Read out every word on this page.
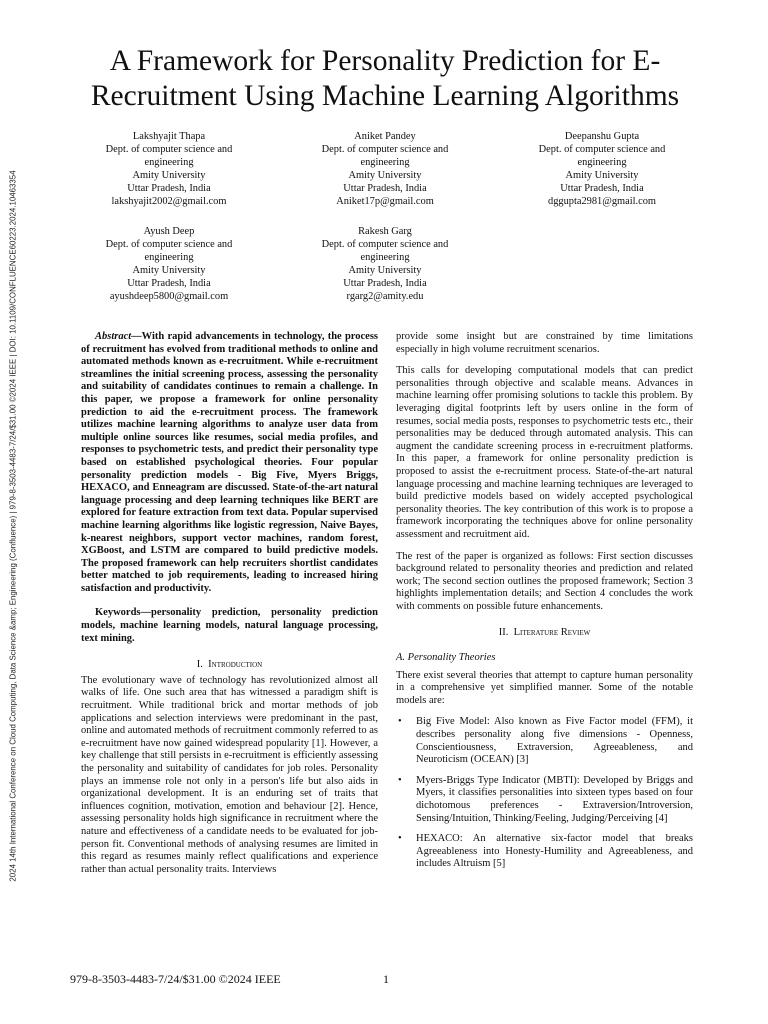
2024 14th International Conference on Cloud Computing, Data Science &amp; Engineering (Confluence) | 979-8-3503-4483-7/24/$31.00 ©2024 IEEE | DOI: 10.1109/CONFLUENCE60223.2024.10463354
A Framework for Personality Prediction for E-Recruitment Using Machine Learning Algorithms
Lakshyajit Thapa
Dept. of computer science and
engineering
Amity University
Uttar Pradesh, India
lakshyajit2002@gmail.com
Aniket Pandey
Dept. of computer science and
engineering
Amity University
Uttar Pradesh, India
Aniket17p@gmail.com
Deepanshu Gupta
Dept. of computer science and
engineering
Amity University
Uttar Pradesh, India
dggupta2981@gmail.com
Ayush Deep
Dept. of computer science and
engineering
Amity University
Uttar Pradesh, India
ayushdeep5800@gmail.com
Rakesh Garg
Dept. of computer science and
engineering
Amity University
Uttar Pradesh, India
rgarg2@amity.edu

Abstract—With rapid advancements in technology, the process of recruitment has evolved from traditional methods to online and automated methods known as e-recruitment. While e-recruitment streamlines the initial screening process, assessing the personality and suitability of candidates continues to remain a challenge. In this paper, we propose a framework for online personality prediction to aid the e-recruitment process. The framework utilizes machine learning algorithms to analyze user data from multiple online sources like resumes, social media profiles, and responses to psychometric tests, and predict their personality type based on established psychological theories. Four popular personality prediction models - Big Five, Myers Briggs, HEXACO, and Enneagram are discussed. State-of-the-art natural language processing and deep learning techniques like BERT are explored for feature extraction from text data. Popular supervised machine learning algorithms like logistic regression, Naive Bayes, k-nearest neighbors, support vector machines, random forest, XGBoost, and LSTM are compared to build predictive models. The proposed framework can help recruiters shortlist candidates better matched to job requirements, leading to increased hiring satisfaction and productivity.

Keywords—personality prediction, personality prediction models, machine learning models, natural language processing, text mining.

I. Introduction

The evolutionary wave of technology has revolutionized almost all walks of life. One such area that has witnessed a paradigm shift is recruitment. While traditional brick and mortar methods of job applications and selection interviews were predominant in the past, online and automated methods of recruitment commonly referred to as e-recruitment have now gained widespread popularity [1]. However, a key challenge that still persists in e-recruitment is efficiently assessing the personality and suitability of candidates for job roles. Personality plays an immense role not only in a person's life but also aids in organizational development. It is an enduring set of traits that influences cognition, motivation, emotion and behaviour [2]. Hence, assessing personality holds high significance in recruitment where the nature and effectiveness of a candidate needs to be evaluated for job-person fit. Conventional methods of analysing resumes are limited in this regard as resumes mainly reflect qualifications and experience rather than actual personality traits. Interviews

provide some insight but are constrained by time limitations especially in high volume recruitment scenarios.

This calls for developing computational models that can predict personalities through objective and scalable means. Advances in machine learning offer promising solutions to tackle this problem. By leveraging digital footprints left by users online in the form of resumes, social media posts, responses to psychometric tests etc., their personalities may be deduced through automated analysis. This can augment the candidate screening process in e-recruitment platforms. In this paper, a framework for online personality prediction is proposed to assist the e-recruitment process. State-of-the-art natural language processing and machine learning techniques are leveraged to build predictive models based on widely accepted psychological personality theories. The key contribution of this work is to propose a framework incorporating the techniques above for online personality assessment and recruitment aid.

The rest of the paper is organized as follows: First section discusses background related to personality theories and prediction and related work; The second section outlines the proposed framework; Section 3 highlights implementation details; and Section 4 concludes the work with comments on possible future enhancements.

II. Literature Review

A. Personality Theories

There exist several theories that attempt to capture human personality in a comprehensive yet simplified manner. Some of the notable models are:

• Big Five Model: Also known as Five Factor model (FFM), it describes personality along five dimensions - Openness, Conscientiousness, Extraversion, Agreeableness, and Neuroticism (OCEAN) [3]
• Myers-Briggs Type Indicator (MBTI): Developed by Briggs and Myers, it classifies personalities into sixteen types based on four dichotomous preferences - Extraversion/Introversion, Sensing/Intuition, Thinking/Feeling, Judging/Perceiving [4]
• HEXACO: An alternative six-factor model that breaks Agreeableness into Honesty-Humility and Agreeableness, and includes Altruism [5]
979-8-3503-4483-7/24/$31.00 ©2024 IEEE	1
